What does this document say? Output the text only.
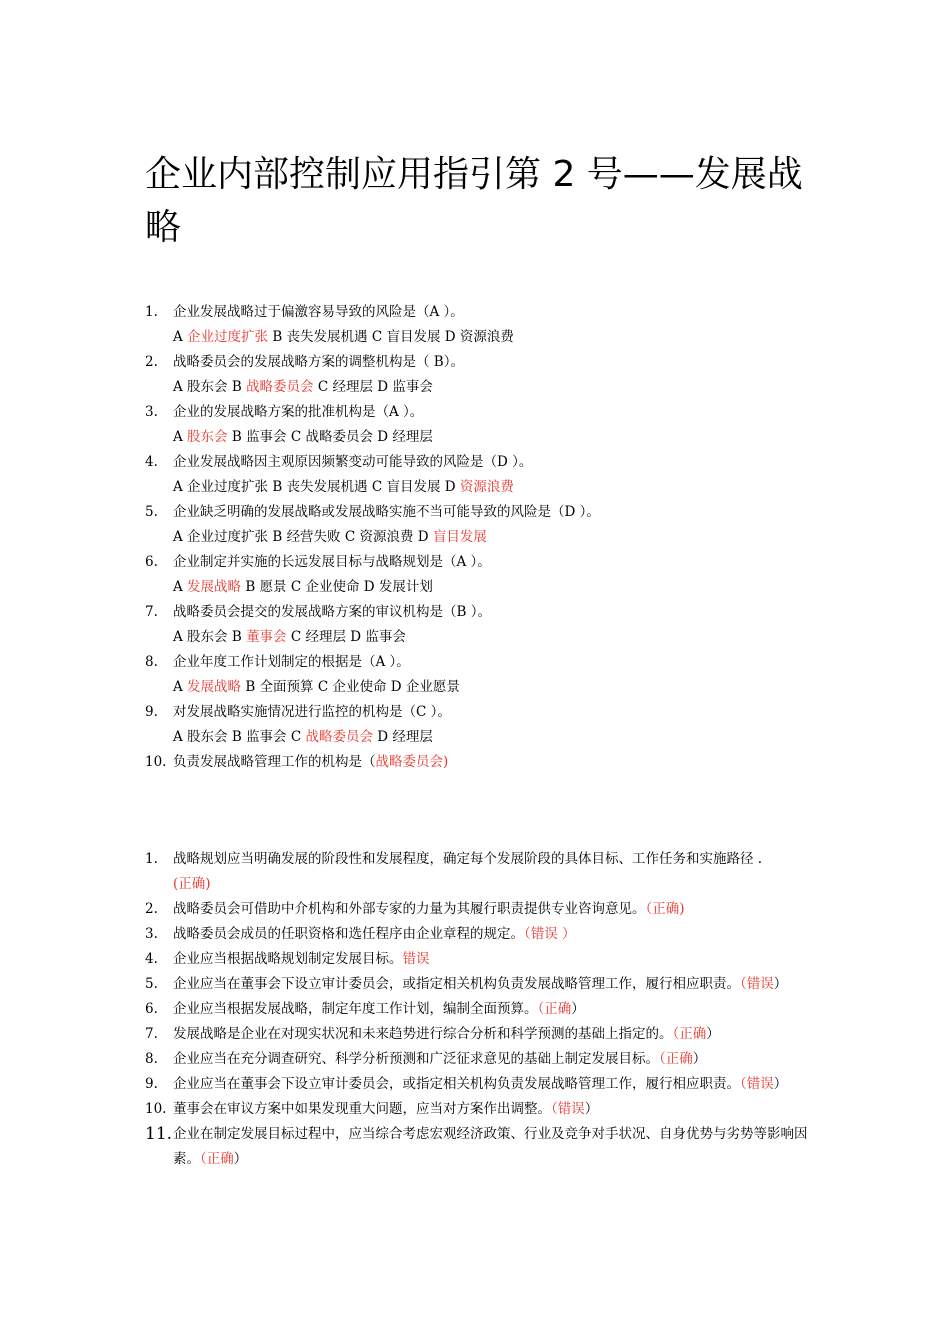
企业内部控制应用指引第 2 号——发展战略
1.	企业发展战略过于偏激容易导致的风险是（A ）。
A 企业过度扩张 B 丧失发展机遇 C 盲目发展 D 资源浪费
2.	战略委员会的发展战略方案的调整机构是（ B）。
A 股东会 B 战略委员会 C 经理层 D 监事会
3.	企业的发展战略方案的批准机构是（A ）。
A 股东会 B 监事会 C 战略委员会 D 经理层
4.	企业发展战略因主观原因频繁变动可能导致的风险是（D ）。
A 企业过度扩张 B 丧失发展机遇 C 盲目发展 D 资源浪费
5.	企业缺乏明确的发展战略或发展战略实施不当可能导致的风险是（D ）。
A 企业过度扩张 B 经营失败 C 资源浪费 D 盲目发展
6.	企业制定并实施的长远发展目标与战略规划是（A ）。
A 发展战略 B 愿景 C 企业使命 D 发展计划
7.	战略委员会提交的发展战略方案的审议机构是（B ）。
A 股东会 B 董事会 C 经理层 D 监事会
8.	企业年度工作计划制定的根据是（A ）。
A 发展战略 B 全面预算 C 企业使命 D 企业愿景
9.	对发展战略实施情况进行监控的机构是（C ）。
A 股东会 B 监事会 C 战略委员会 D 经理层
10. 负责发展战略管理工作的机构是（战略委员会)
1.	战略规划应当明确发展的阶段性和发展程度，确定每个发展阶段的具体目标、工作任务和实施路径 .
(正确)
2.	战略委员会可借助中介机构和外部专家的力量为其履行职责提供专业咨询意见。（正确)
3.	战略委员会成员的任职资格和选任程序由企业章程的规定。（错误 ）
4.	企业应当根据战略规划制定发展目标。错误
5.	企业应当在董事会下设立审计委员会，或指定相关机构负责发展战略管理工作，履行相应职责。（错误）
6.	企业应当根据发展战略，制定年度工作计划，编制全面预算。（正确）
7.	发展战略是企业在对现实状况和未来趋势进行综合分析和科学预测的基础上指定的。（正确）
8.	企业应当在充分调查研究、科学分析预测和广泛征求意见的基础上制定发展目标。（正确）
9.	企业应当在董事会下设立审计委员会，或指定相关机构负责发展战略管理工作，履行相应职责。（错误）
10. 董事会在审议方案中如果发现重大问题，应当对方案作出调整。（错误）
11. 企业在制定发展目标过程中，应当综合考虑宏观经济政策、行业及竞争对手状况、自身优势与劣势等影响因素。（正确）
